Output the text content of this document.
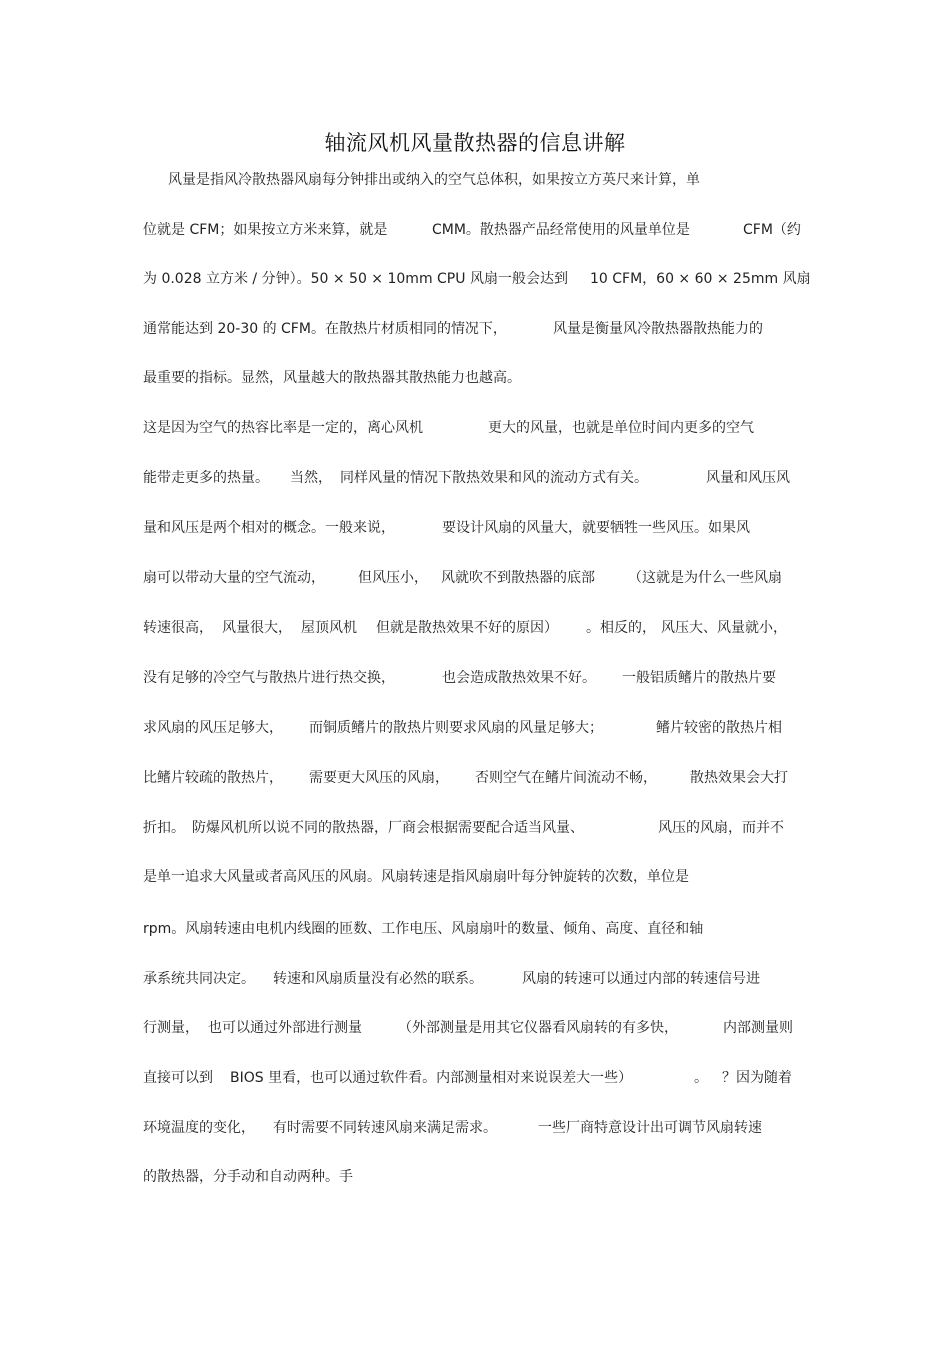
轴流风机风量散热器的信息讲解
风量是指风冷散热器风扇每分钟排出或纳入的空气总体积，如果按立方英尺来计算，单
位就是 CFM；如果按立方米来算，就是	CMM。散热器产品经常使用的风量单位是	CFM（约
为 0.028 立方米 / 分钟）。50 × 50 × 10mm CPU 风扇一般会达到 10 CFM，60 × 60 × 25mm 风扇
通常能达到 20-30 的 CFM。在散热片材质相同的情况下，	风量是衡量风冷散热器散热能力的
最重要的指标。显然，风量越大的散热器其散热能力也越高。
这是因为空气的热容比率是一定的，离心风机	更大的风量，也就是单位时间内更多的空气
能带走更多的热量。 当然， 同样风量的情况下散热效果和风的流动方式有关。	风量和风压风
量和风压是两个相对的概念。一般来说，	要设计风扇的风量大，就要牺牲一些风压。如果风
扇可以带动大量的空气流动， 但风压小， 风就吹不到散热器的底部 （这就是为什么一些风扇
转速很高， 风量很大， 屋顶风机 但就是散热效果不好的原因） 。相反的， 风压大、风量就小，
没有足够的冷空气与散热片进行热交换，	也会造成散热效果不好。 一般铝质鳍片的散热片要
求风扇的风压足够大， 而铜质鳍片的散热片则要求风扇的风量足够大；	鳍片较密的散热片相
比鳍片较疏的散热片， 需要更大风压的风扇， 否则空气在鳍片间流动不畅， 散热效果会大打
折扣。 防爆风机所以说不同的散热器，厂商会根据需要配合适当风量、	风压的风扇，而并不
是单一追求大风量或者高风压的风扇。风扇转速是指风扇扇叶每分钟旋转的次数，单位是
rpm。风扇转速由电机内线圈的匝数、工作电压、风扇扇叶的数量、倾角、高度、直径和轴
承系统共同决定。 转速和风扇质量没有必然的联系。	风扇的转速可以通过内部的转速信号进
行测量， 也可以通过外部进行测量	（外部测量是用其它仪器看风扇转的有多快，	内部测量则
直接可以到 BIOS 里看，也可以通过软件看。内部测量相对来说误差大一些）	。 ？因为随着
环境温度的变化， 有时需要不同转速风扇来满足需求。	一些厂商特意设计出可调节风扇转速
的散热器，分手动和自动两种。手
